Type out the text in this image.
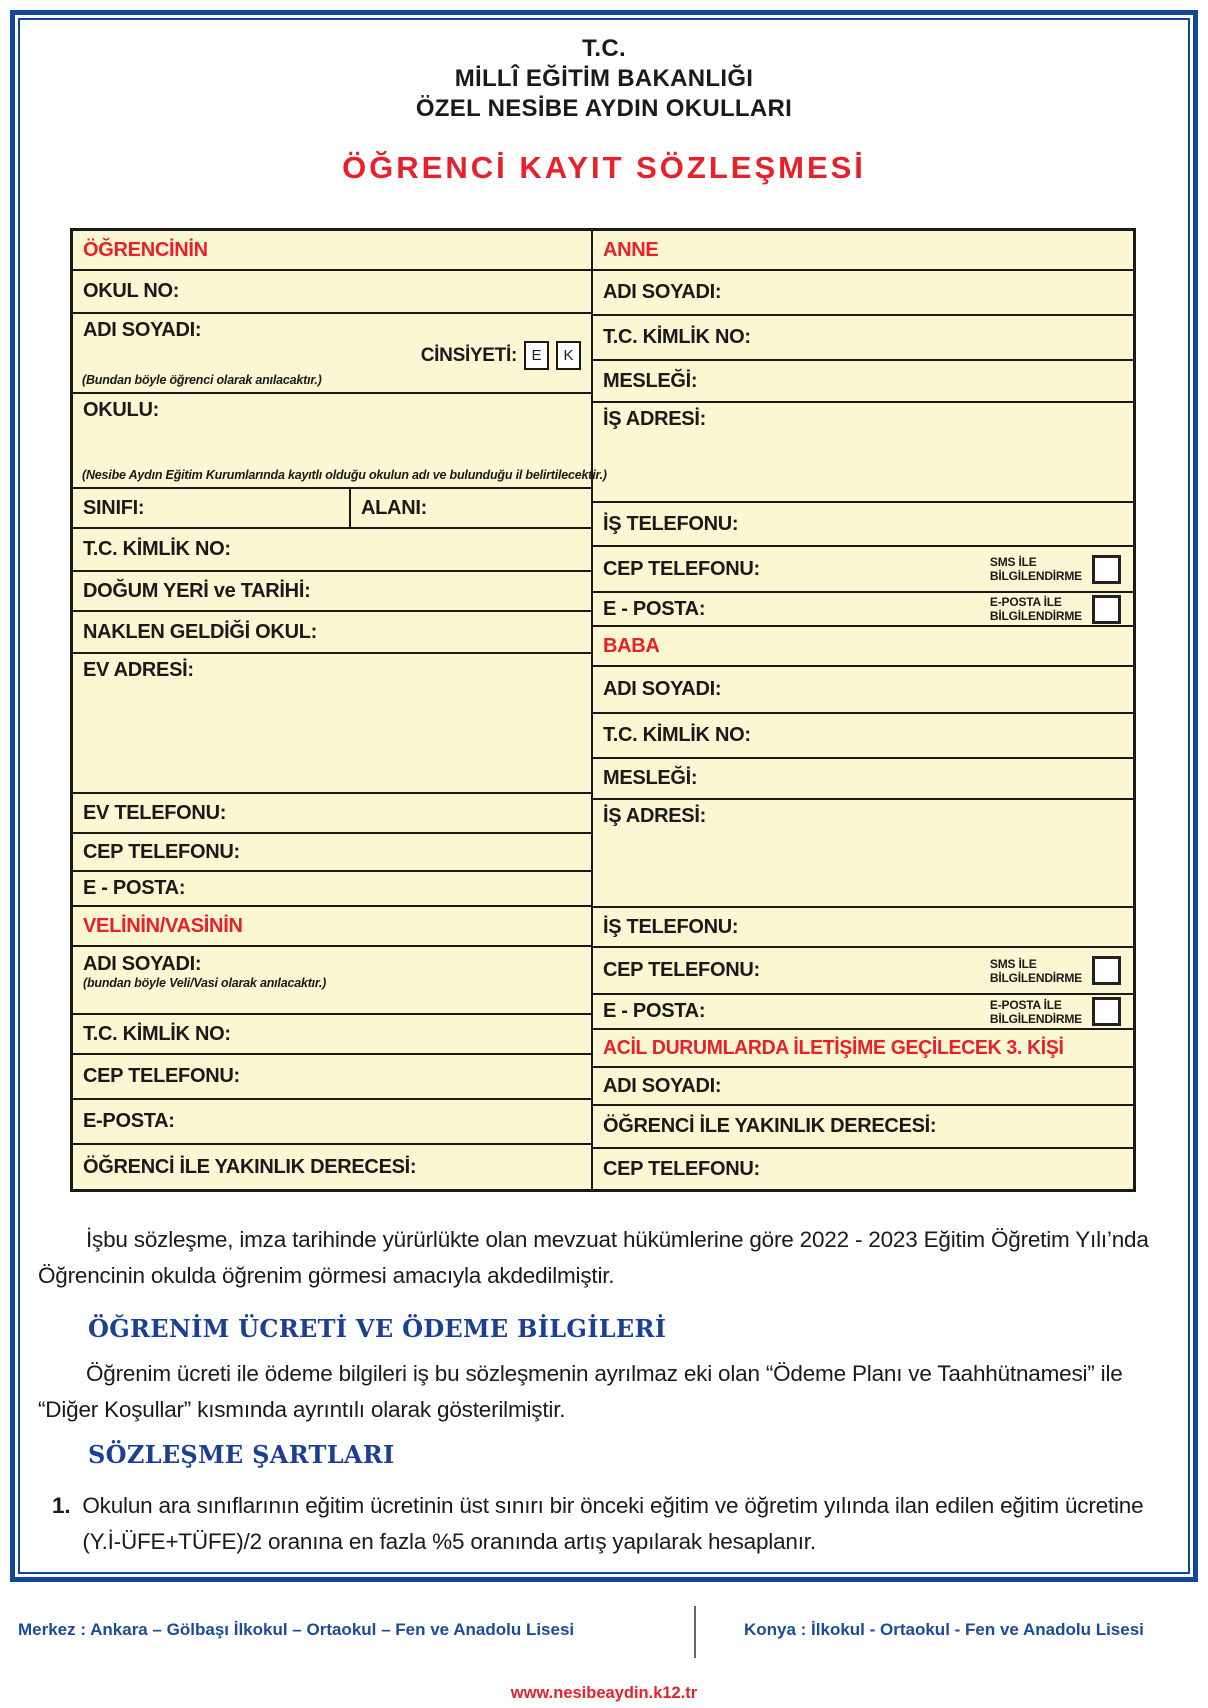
T.C.
MİLLÎ EĞİTİM BAKANLIĞI
ÖZEL NESİBE AYDIN OKULLARI
ÖĞRENCİ KAYIT SÖZLEŞMESİ
ÖĞRENCİNİN
OKUL NO:
ADI SOYADI:
CİNSİYETİ: E	K
(Bundan böyle öğrenci olarak anılacaktır.)
OKULU:
(Nesibe Aydın Eğitim Kurumlarında kayıtlı olduğu okulun adı ve bulunduğu il belirtilecektir.)
SINIFI:	ALANI:
T.C. KİMLİK NO:
DOĞUM YERİ ve TARİHİ:
NAKLEN GELDİĞİ OKUL:
EV ADRESİ:
EV TELEFONU:
CEP TELEFONU:
E - POSTA:
VELİNİN/VASİNİN
ADI SOYADI:
(bundan böyle Veli/Vasi olarak anılacaktır.)
T.C. KİMLİK NO:
CEP TELEFONU:
E-POSTA:
ÖĞRENCİ İLE YAKINLIK DERECESİ:
ANNE
ADI SOYADI:
T.C. KİMLİK NO:
MESLEĞİ:
İŞ ADRESİ:
İŞ TELEFONU:
CEP TELEFONU:	SMS İLE
BİLGİLENDİRME
E - POSTA:	E-POSTA İLE
BİLGİLENDİRME
BABA
ADI SOYADI:
T.C. KİMLİK NO:
MESLEĞİ:
İŞ ADRESİ:
İŞ TELEFONU:
CEP TELEFONU:	SMS İLE
BİLGİLENDİRME
E - POSTA:	E-POSTA İLE
BİLGİLENDİRME
ACİL DURUMLARDA İLETİŞİME GEÇİLECEK 3. KİŞİ
ADI SOYADI:
ÖĞRENCİ İLE YAKINLIK DERECESİ:
CEP TELEFONU:

İşbu sözleşme, imza tarihinde yürürlükte olan mevzuat hükümlerine göre 2022 - 2023 Eğitim Öğretim Yılı’nda Öğrencinin okulda öğrenim görmesi amacıyla akdedilmiştir.

ÖĞRENİM ÜCRETİ VE ÖDEME BİLGİLERİ

Öğrenim ücreti ile ödeme bilgileri iş bu sözleşmenin ayrılmaz eki olan “Ödeme Planı ve Taahhütnamesi” ile “Diğer Koşullar” kısmında ayrıntılı olarak gösterilmiştir.

SÖZLEŞME ŞARTLARI
1. Okulun ara sınıflarının eğitim ücretinin üst sınırı bir önceki eğitim ve öğretim yılında ilan edilen eğitim ücretine (Y.İ-ÜFE+TÜFE)/2 oranına en fazla %5 oranında artış yapılarak hesaplanır.
Merkez : Ankara – Gölbaşı İlkokul – Ortaokul – Fen ve Anadolu Lisesi	Konya : İlkokul - Ortaokul - Fen ve Anadolu Lisesi
www.nesibeaydin.k12.tr
